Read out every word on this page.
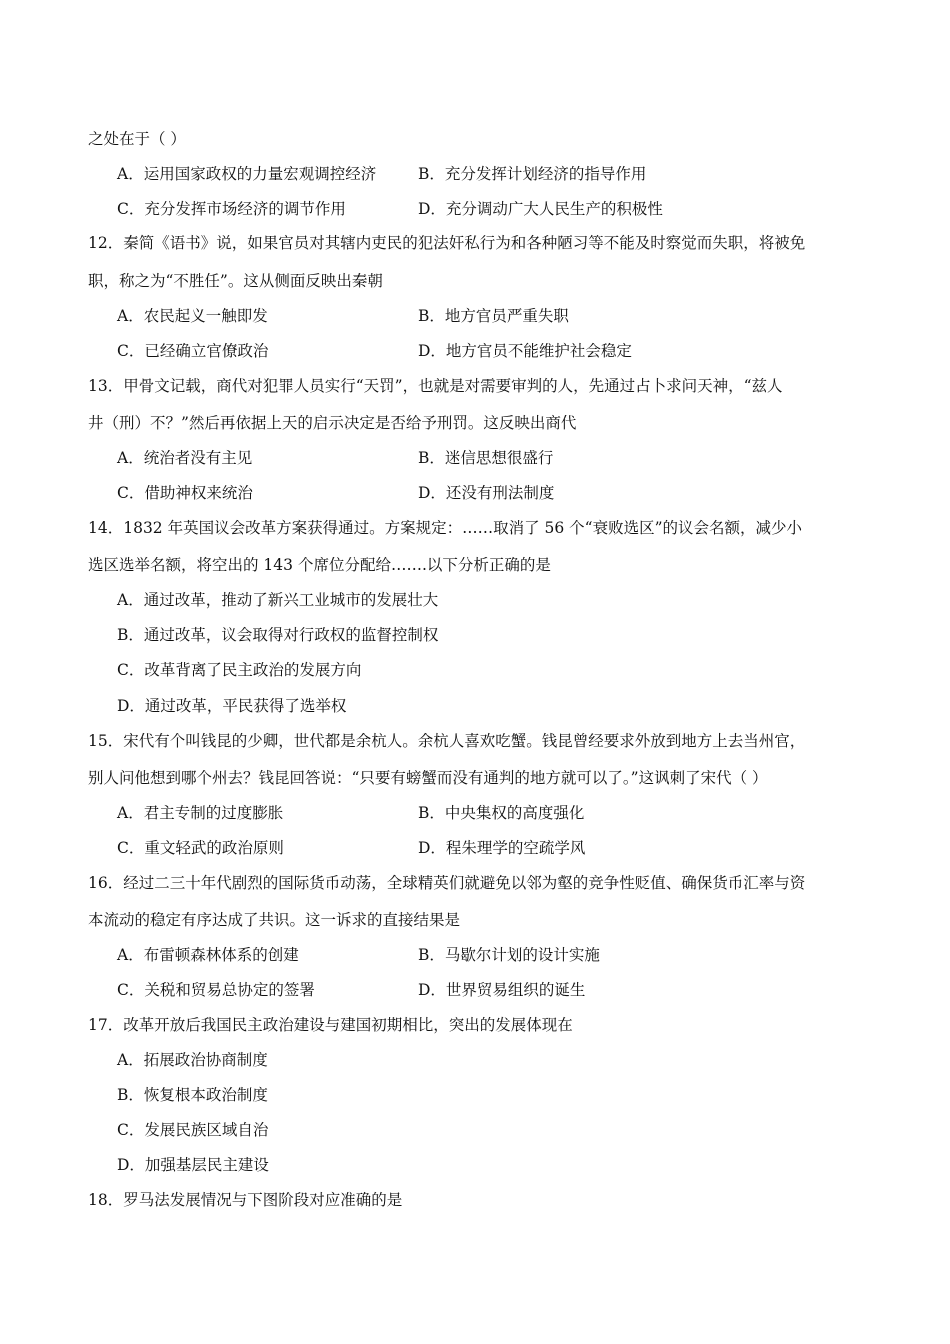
之处在于（ ）
A．运用国家政权的力量宏观调控经济	B．充分发挥计划经济的指导作用
C．充分发挥市场经济的调节作用	D．充分调动广大人民生产的积极性
12．秦简《语书》说，如果官员对其辖内吏民的犯法奸私行为和各种陋习等不能及时察觉而失职，将被免
职，称之为“不胜任”。这从侧面反映出秦朝
A．农民起义一触即发	B．地方官员严重失职
C．已经确立官僚政治	D．地方官员不能维护社会稳定
13．甲骨文记载，商代对犯罪人员实行“天罚”，也就是对需要审判的人，先通过占卜求问天神，“兹人
井（刑）不？”然后再依据上天的启示决定是否给予刑罚。这反映出商代
A．统治者没有主见	B．迷信思想很盛行
C．借助神权来统治	D．还没有刑法制度
14．1832 年英国议会改革方案获得通过。方案规定：……取消了 56 个“衰败选区”的议会名额，减少小
选区选举名额，将空出的 143 个席位分配给…….以下分析正确的是
A．通过改革，推动了新兴工业城市的发展壮大
B．通过改革，议会取得对行政权的监督控制权
C．改革背离了民主政治的发展方向
D．通过改革，平民获得了选举权
15．宋代有个叫钱昆的少卿，世代都是余杭人。余杭人喜欢吃蟹。钱昆曾经要求外放到地方上去当州官，
别人问他想到哪个州去？钱昆回答说：“只要有螃蟹而没有通判的地方就可以了。”这讽刺了宋代（ ）
A．君主专制的过度膨胀	B．中央集权的高度强化
C．重文轻武的政治原则	D．程朱理学的空疏学风
16．经过二三十年代剧烈的国际货币动荡，全球精英们就避免以邻为壑的竞争性贬值、确保货币汇率与资
本流动的稳定有序达成了共识。这一诉求的直接结果是
A．布雷顿森林体系的创建	B．马歇尔计划的设计实施
C．关税和贸易总协定的签署	D．世界贸易组织的诞生
17．改革开放后我国民主政治建设与建国初期相比，突出的发展体现在
A．拓展政治协商制度
B．恢复根本政治制度
C．发展民族区域自治
D．加强基层民主建设
18．罗马法发展情况与下图阶段对应准确的是
